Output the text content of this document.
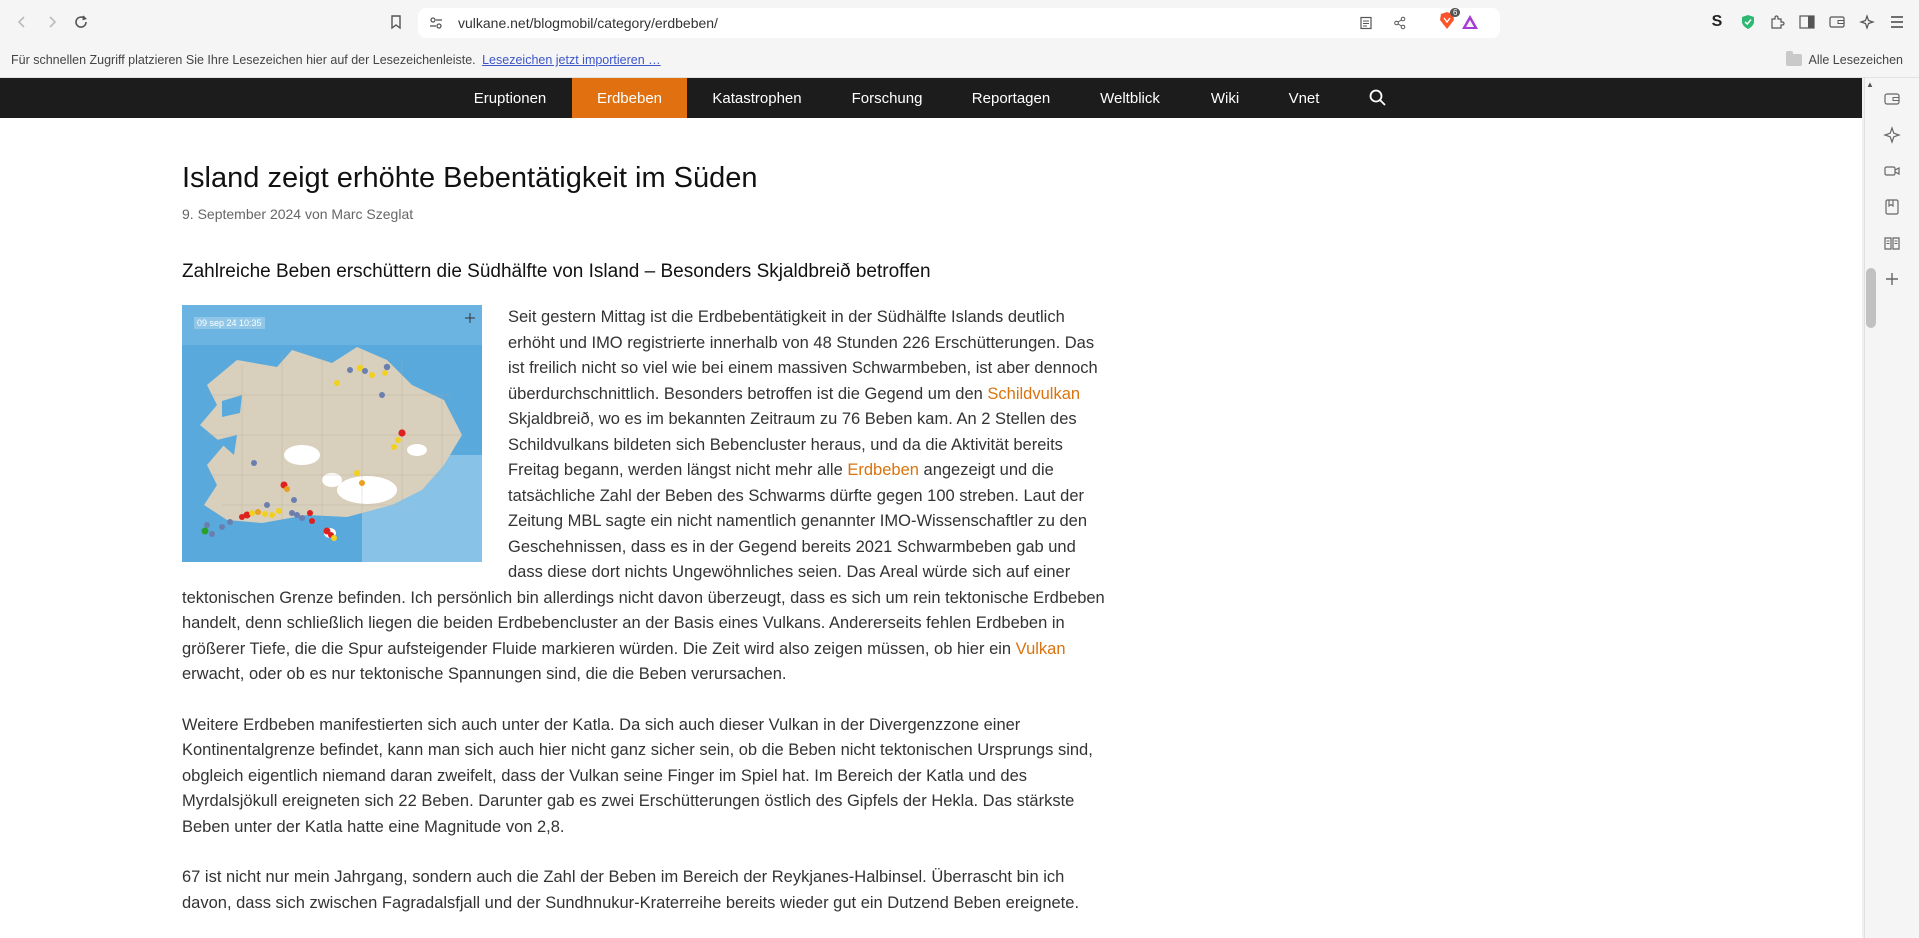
vulkane.net/blogmobil/category/erdbeben/
6
S
Für schnellen Zugriff platzieren Sie Ihre Lesezeichen hier auf der Lesezeichenleiste. Lesezeichen jetzt importieren …	Alle Lesezeichen
Eruptionen	Erdbeben	Katastrophen	Forschung	Reportagen	Weltblick	Wiki	Vnet
▲
Island zeigt erhöhte Bebentätigkeit im Süden
9. September 2024 von Marc Szeglat
Zahlreiche Beben erschüttern die Südhälfte von Island – Besonders Skjaldbreið betroffen
09 sep 24 10:35	Seit gestern Mittag ist die Erdbebentätigkeit in der Südhälfte Islands deutlich erhöht und IMO registrierte innerhalb von 48 Stunden 226 Erschütterungen. Das ist freilich nicht so viel wie bei einem massiven Schwarmbeben, ist aber dennoch überdurchschnittlich. Besonders betroffen ist die Gegend um den Schildvulkan Skjaldbreið, wo es im bekannten Zeitraum zu 76 Beben kam. An 2 Stellen des Schildvulkans bildeten sich Bebencluster heraus, und da die Aktivität bereits Freitag begann, werden längst nicht mehr alle Erdbeben angezeigt und die tatsächliche Zahl der Beben des Schwarms dürfte gegen 100 streben. Laut der Zeitung MBL sagte ein nicht namentlich genannter IMO-Wissenschaftler zu den Geschehnissen, dass es in der Gegend bereits 2021 Schwarmbeben gab und dass diese dort nichts Ungewöhnliches seien. Das Areal würde sich auf einer tektonischen Grenze befinden. Ich persönlich bin allerdings nicht davon überzeugt, dass es sich um rein tektonische Erdbeben handelt, denn schließlich liegen die beiden Erdbebencluster an der Basis eines Vulkans. Andererseits fehlen Erdbeben in größerer Tiefe, die die Spur aufsteigender Fluide markieren würden. Die Zeit wird also zeigen müssen, ob hier ein Vulkan erwacht, oder ob es nur tektonische Spannungen sind, die die Beben verursachen.

Weitere Erdbeben manifestierten sich auch unter der Katla. Da sich auch dieser Vulkan in der Divergenzzone einer Kontinentalgrenze befindet, kann man sich auch hier nicht ganz sicher sein, ob die Beben nicht tektonischen Ursprungs sind, obgleich eigentlich niemand daran zweifelt, dass der Vulkan seine Finger im Spiel hat. Im Bereich der Katla und des Myrdalsjökull ereigneten sich 22 Beben. Darunter gab es zwei Erschütterungen östlich des Gipfels der Hekla. Das stärkste Beben unter der Katla hatte eine Magnitude von 2,8.

67 ist nicht nur mein Jahrgang, sondern auch die Zahl der Beben im Bereich der Reykjanes-Halbinsel. Überrascht bin ich davon, dass sich zwischen Fagradalsfjall und der Sundhnukur-Kraterreihe bereits wieder gut ein Dutzend Beben ereignete.
